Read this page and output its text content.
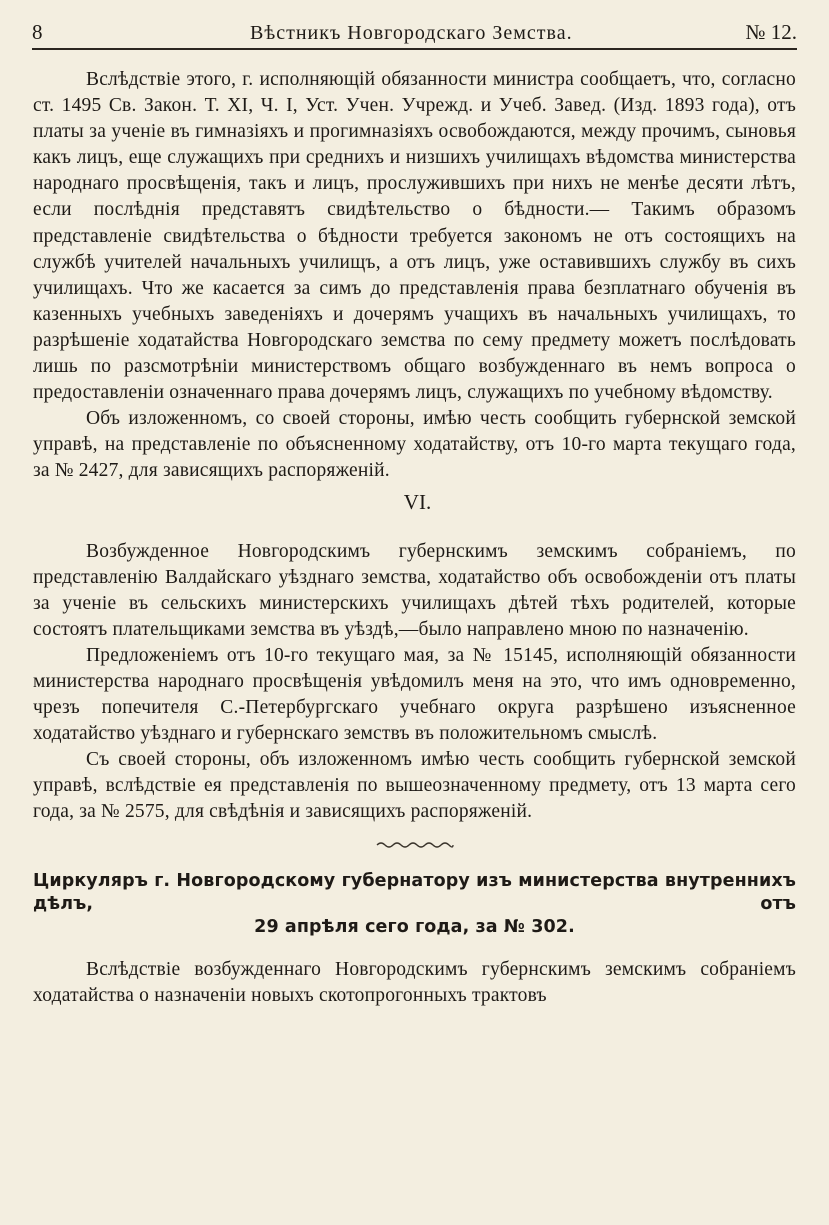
8	Вѣстникъ Новгородскаго Земства.	№ 12.

Вслѣдствіе этого, г. исполняющій обязанности министра сообщаетъ, что, согласно ст. 1495 Св. Закон. Т. XI, Ч. I, Уст. Учен. Учрежд. и Учеб. Завед. (Изд. 1893 года), отъ платы за ученіе въ гимназіяхъ и прогимназіяхъ освобождаются, между прочимъ, сыновья какъ лицъ, еще служащихъ при среднихъ и низшихъ училищахъ вѣдомства министерства народнаго просвѣщенія, такъ и лицъ, прослужившихъ при нихъ не менѣе десяти лѣтъ, если послѣднія представятъ свидѣтельство о бѣдности.— Такимъ образомъ представленіе свидѣтельства о бѣдности требуется закономъ не отъ состоящихъ на службѣ учителей начальныхъ училищъ, а отъ лицъ, уже оставившихъ службу въ сихъ училищахъ. Что же касается за симъ до представленія права безплатнаго обученія въ казенныхъ учебныхъ заведеніяхъ и дочерямъ учащихъ въ начальныхъ училищахъ, то разрѣшеніе ходатайства Новгородскаго земства по сему предмету можетъ послѣдовать лишь по разсмотрѣніи министерствомъ общаго возбужденнаго въ немъ вопроса о предоставленіи означеннаго права дочерямъ лицъ, служащихъ по учебному вѣдомству.

Объ изложенномъ, со своей стороны, имѣю честь сообщить губернской земской управѣ, на представленіе по объясненному ходатайству, отъ 10-го марта текущаго года, за № 2427, для зависящихъ распоряженій.

VI.

Возбужденное Новгородскимъ губернскимъ земскимъ собраніемъ, по представленію Валдайскаго уѣзднаго земства, ходатайство объ освобожденіи отъ платы за ученіе въ сельскихъ министерскихъ училищахъ дѣтей тѣхъ родителей, которые состоятъ плательщиками земства въ уѣздѣ,—было направлено мною по назначенію.

Предложеніемъ отъ 10-го текущаго мая, за № 15145, исполняющій обязанности министерства народнаго просвѣщенія увѣдомилъ меня на это, что имъ одновременно, чрезъ попечителя С.-Петербургскаго учебнаго округа разрѣшено изъясненное ходатайство уѣзднаго и губернскаго земствъ въ положительномъ смыслѣ.

Съ своей стороны, объ изложенномъ имѣю честь сообщить губернской земской управѣ, вслѣдствіе ея представленія по вышеозначенному предмету, отъ 13 марта сего года, за № 2575, для свѣдѣнія и зависящихъ распоряженій.

Циркуляръ г. Новгородскому губернатору изъ министерства внутреннихъ дѣлъ, отъ
29 апрѣля сего года, за № 302.

Вслѣдствіе возбужденнаго Новгородскимъ губернскимъ земскимъ собраніемъ ходатайства о назначеніи новыхъ скотопрогонныхъ трактовъ
